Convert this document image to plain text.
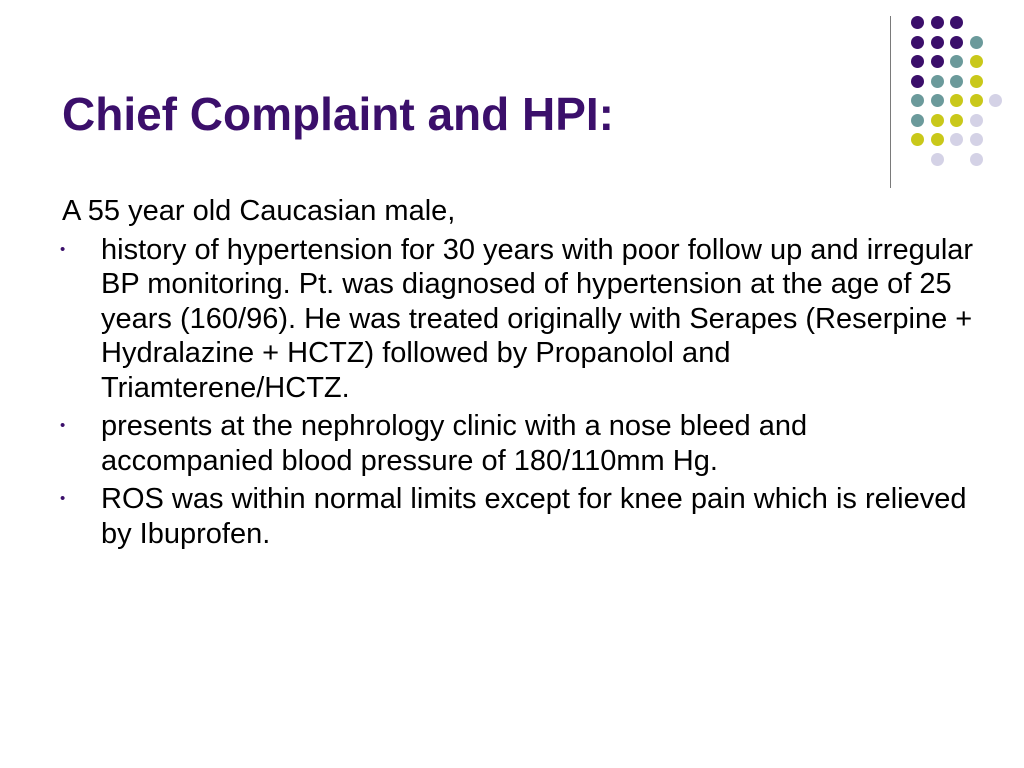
Chief Complaint and HPI:

A 55 year old Caucasian male,

• history of hypertension for 30 years with poor follow up and irregular BP monitoring. Pt. was diagnosed of hypertension at the age of 25 years (160/96). He was treated originally with Serapes (Reserpine + Hydralazine + HCTZ) followed by Propanolol and Triamterene/HCTZ.
• presents at the nephrology clinic with a nose bleed and accompanied blood pressure of 180/110mm Hg.
• ROS was within normal limits except for knee pain which is relieved by Ibuprofen.
